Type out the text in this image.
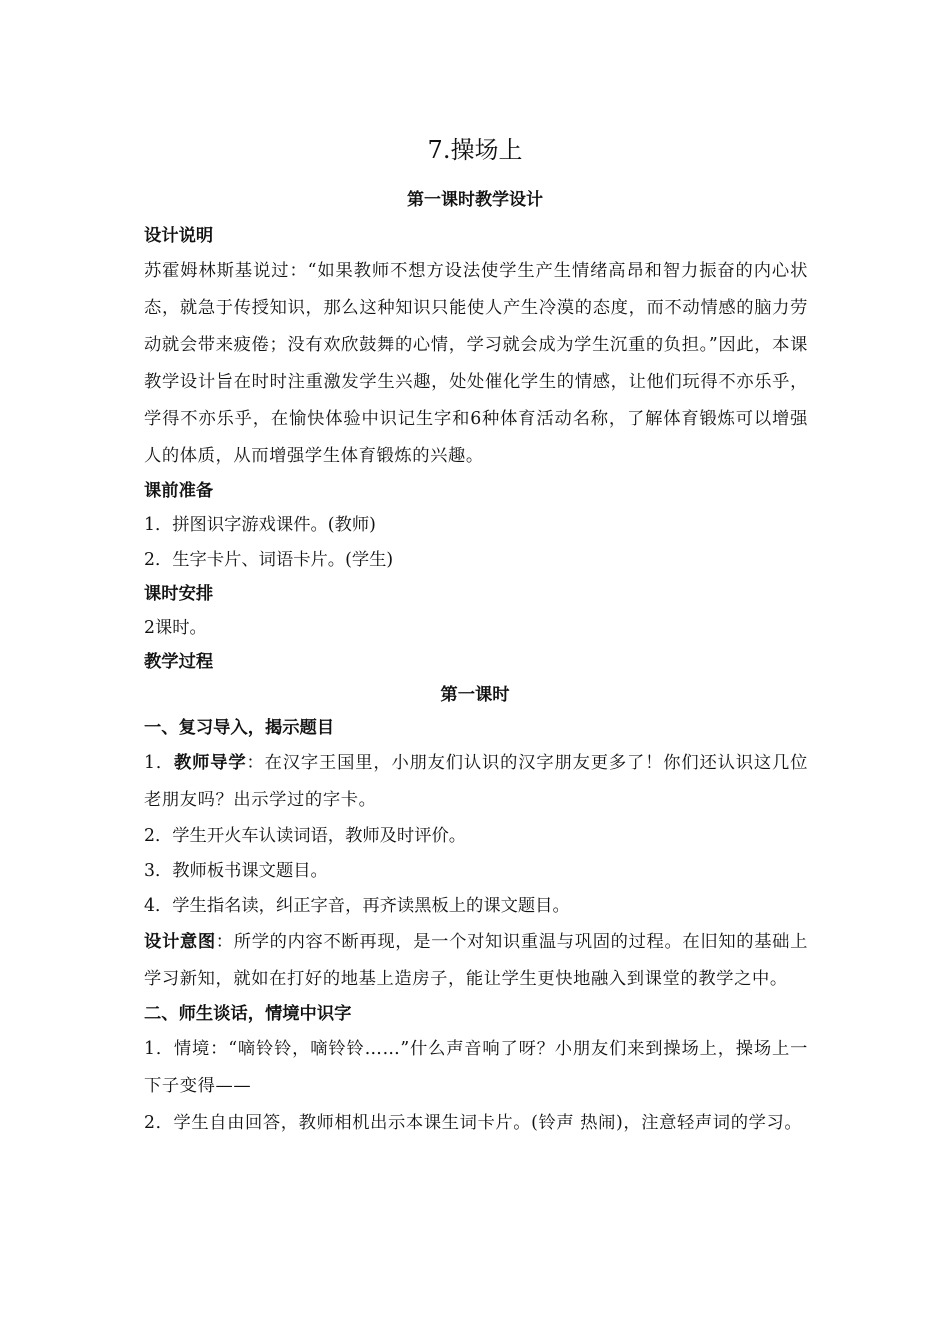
7.操场上
第一课时教学设计

设计说明

苏霍姆林斯基说过：“如果教师不想方设法使学生产生情绪高昂和智力振奋的内心状态，就急于传授知识，那么这种知识只能使人产生冷漠的态度，而不动情感的脑力劳动就会带来疲倦；没有欢欣鼓舞的心情，学习就会成为学生沉重的负担。”因此，本课教学设计旨在时时注重激发学生兴趣，处处催化学生的情感，让他们玩得不亦乐乎，学得不亦乐乎，在愉快体验中识记生字和6种体育活动名称，了解体育锻炼可以增强人的体质，从而增强学生体育锻炼的兴趣。

课前准备

1．拼图识字游戏课件。(教师)

2．生字卡片、词语卡片。(学生)

课时安排

2课时。

教学过程

第一课时

一、复习导入，揭示题目

1．教师导学：在汉字王国里，小朋友们认识的汉字朋友更多了！你们还认识这几位老朋友吗？出示学过的字卡。

2．学生开火车认读词语，教师及时评价。

3．教师板书课文题目。

4．学生指名读，纠正字音，再齐读黑板上的课文题目。

设计意图：所学的内容不断再现，是一个对知识重温与巩固的过程。在旧知的基础上学习新知，就如在打好的地基上造房子，能让学生更快地融入到课堂的教学之中。

二、师生谈话，情境中识字

1．情境：“嘀铃铃，嘀铃铃……”什么声音响了呀？小朋友们来到操场上，操场上一下子变得——

2．学生自由回答，教师相机出示本课生词卡片。(铃声 热闹)，注意轻声词的学习。
